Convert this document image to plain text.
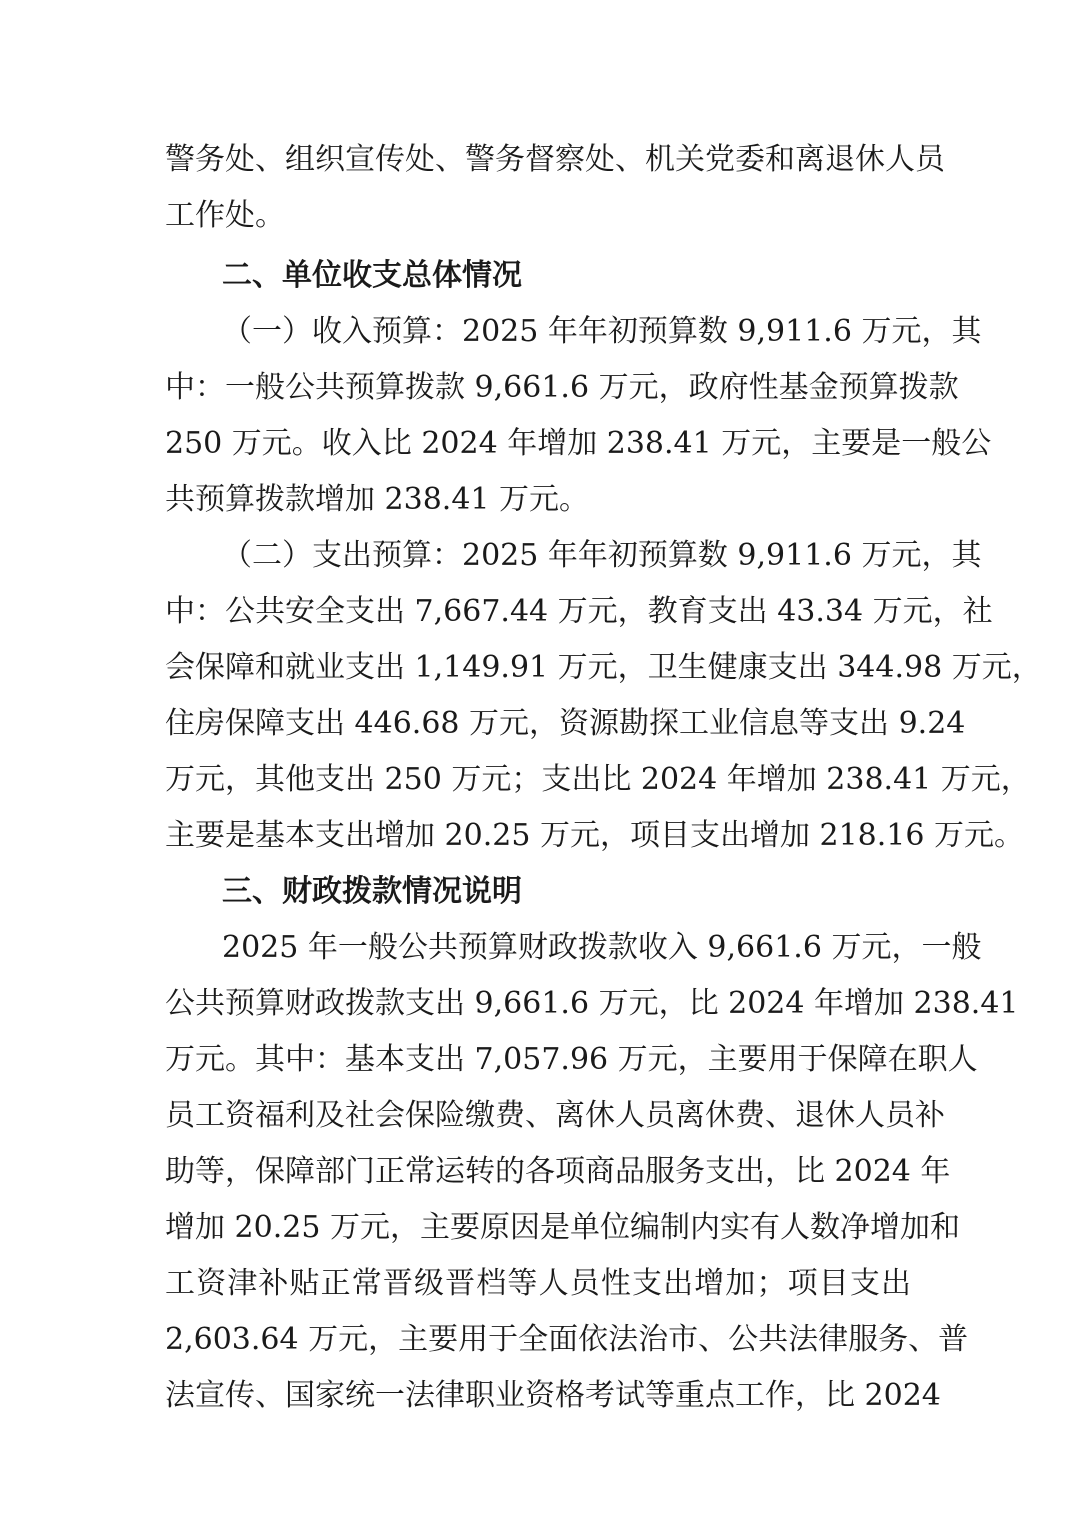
警务处、组织宣传处、警务督察处、机关党委和离退休人员
工作处。
二、单位收支总体情况
（一）收入预算：2025 年年初预算数 9,911.6 万元，其
中：一般公共预算拨款 9,661.6 万元，政府性基金预算拨款
250 万元。收入比 2024 年增加 238.41 万元，主要是一般公
共预算拨款增加 238.41 万元。
（二）支出预算：2025 年年初预算数 9,911.6 万元，其
中：公共安全支出 7,667.44 万元，教育支出 43.34 万元，社
会保障和就业支出 1,149.91 万元，卫生健康支出 344.98 万元，
住房保障支出 446.68 万元，资源勘探工业信息等支出 9.24
万元，其他支出 250 万元；支出比 2024 年增加 238.41 万元，
主要是基本支出增加 20.25 万元，项目支出增加 218.16 万元。
三、财政拨款情况说明
2025 年一般公共预算财政拨款收入 9,661.6 万元，一般
公共预算财政拨款支出 9,661.6 万元，比 2024 年增加 238.41
万元。其中：基本支出 7,057.96 万元，主要用于保障在职人
员工资福利及社会保险缴费、离休人员离休费、退休人员补
助等，保障部门正常运转的各项商品服务支出，比 2024 年
增加 20.25 万元，主要原因是单位编制内实有人数净增加和
工资津补贴正常晋级晋档等人员性支出增加；项目支出
2,603.64 万元，主要用于全面依法治市、公共法律服务、普
法宣传、国家统一法律职业资格考试等重点工作，比 2024
